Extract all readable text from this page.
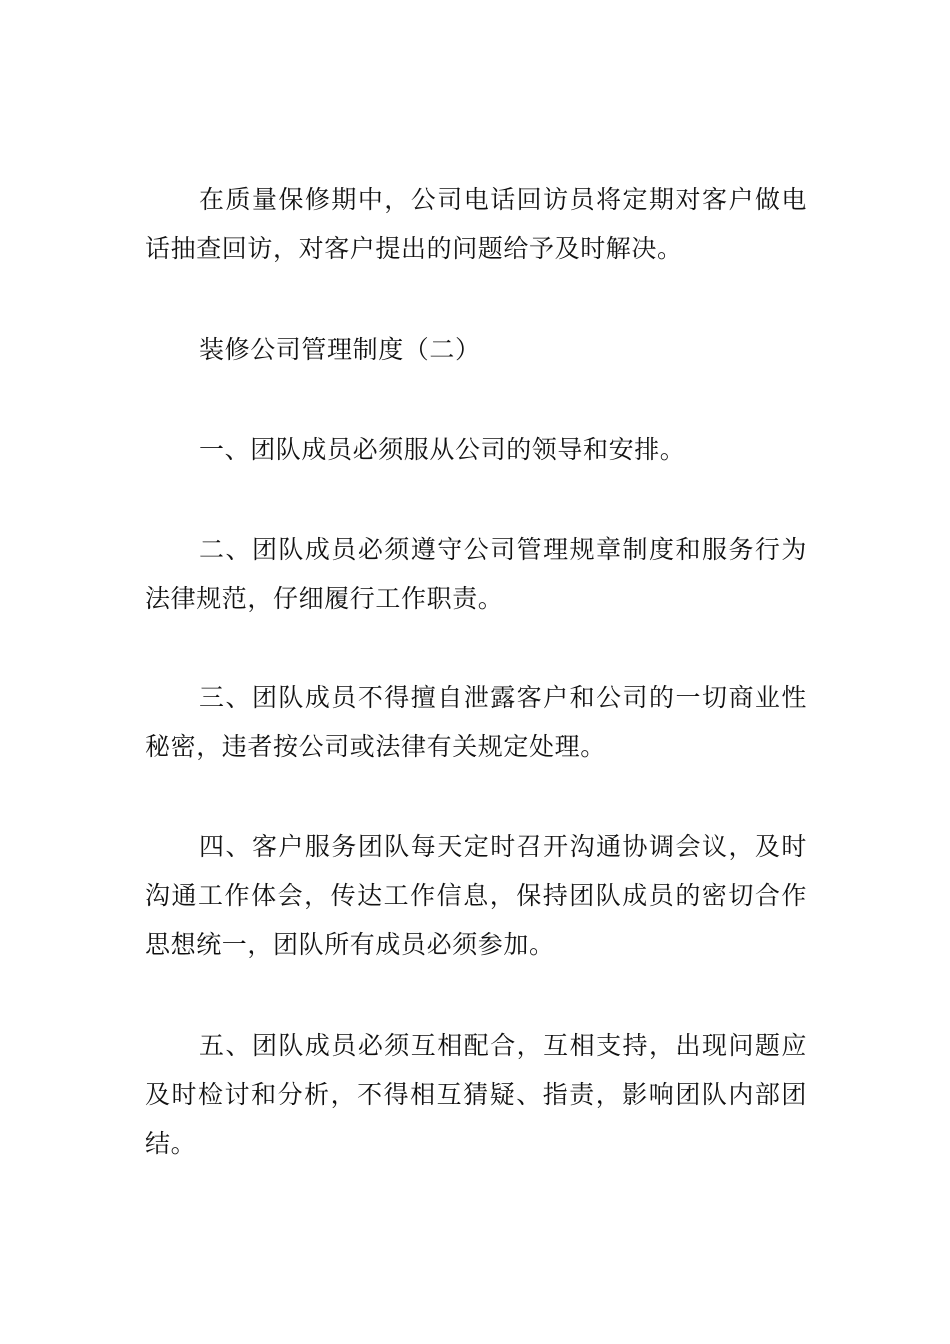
在质量保修期中，公司电话回访员将定期对客户做电话抽查回访，对客户提出的问题给予及时解决。

装修公司管理制度（二）

一、团队成员必须服从公司的领导和安排。

二、团队成员必须遵守公司管理规章制度和服务行为法律规范，仔细履行工作职责。

三、团队成员不得擅自泄露客户和公司的一切商业性秘密，违者按公司或法律有关规定处理。

四、客户服务团队每天定时召开沟通协调会议，及时沟通工作体会，传达工作信息，保持团队成员的密切合作思想统一，团队所有成员必须参加。

五、团队成员必须互相配合，互相支持，出现问题应及时检讨和分析，不得相互猜疑、指责，影响团队内部团结。
